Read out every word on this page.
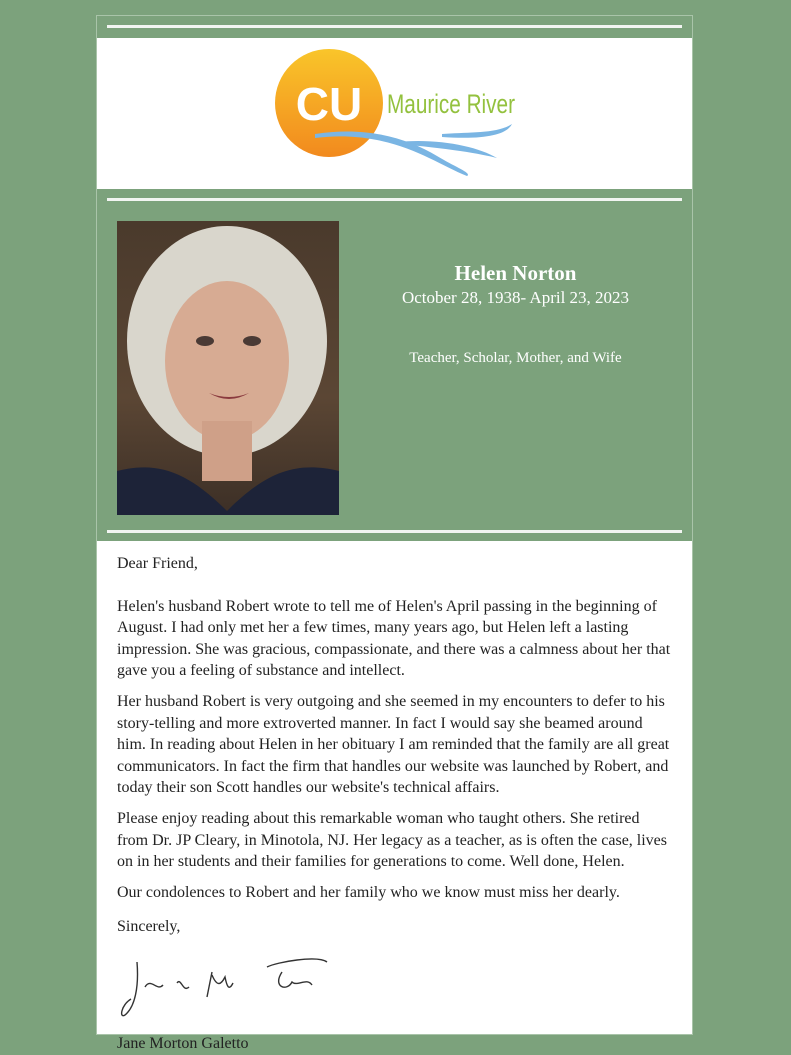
CU Maurice River
Helen Norton
October 28, 1938- April 23, 2023
Teacher, Scholar, Mother, and Wife

Dear Friend,

Helen's husband Robert wrote to tell me of Helen's April passing in the beginning of August. I had only met her a few times, many years ago, but Helen left a lasting impression. She was gracious, compassionate, and there was a calmness about her that gave you a feeling of substance and intellect.

Her husband Robert is very outgoing and she seemed in my encounters to defer to his story-telling and more extroverted manner. In fact I would say she beamed around him. In reading about Helen in her obituary I am reminded that the family are all great communicators. In fact the firm that handles our website was launched by Robert, and today their son Scott handles our website's technical affairs.

Please enjoy reading about this remarkable woman who taught others. She retired from Dr. JP Cleary, in Minotola, NJ. Her legacy as a teacher, as is often the case, lives on in her students and their families for generations to come. Well done, Helen.

Our condolences to Robert and her family who we know must miss her dearly.

Sincerely,

Jane Morton Galetto
